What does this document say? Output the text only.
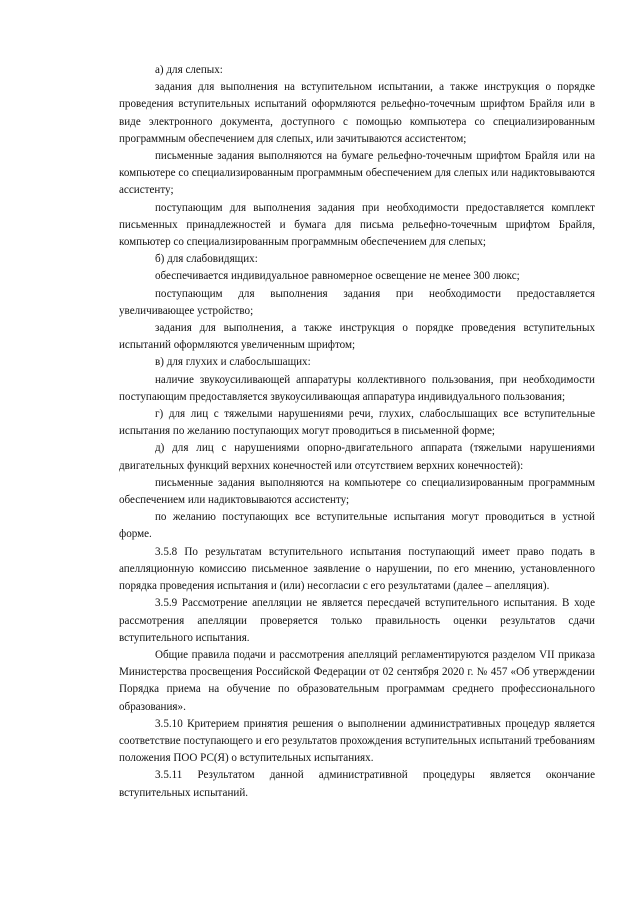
а) для слепых:

задания для выполнения на вступительном испытании, а также инструкция о порядке проведения вступительных испытаний оформляются рельефно-точечным шрифтом Брайля или в виде электронного документа, доступного с помощью компьютера со специализированным программным обеспечением для слепых, или зачитываются ассистентом;

письменные задания выполняются на бумаге рельефно-точечным шрифтом Брайля или на компьютере со специализированным программным обеспечением для слепых или надиктовываются ассистенту;

поступающим для выполнения задания при необходимости предоставляется комплект письменных принадлежностей и бумага для письма рельефно-точечным шрифтом Брайля, компьютер со специализированным программным обеспечением для слепых;

б) для слабовидящих:

обеспечивается индивидуальное равномерное освещение не менее 300 люкс;

поступающим для выполнения задания при необходимости предоставляется увеличивающее устройство;

задания для выполнения, а также инструкция о порядке проведения вступительных испытаний оформляются увеличенным шрифтом;

в) для глухих и слабослышащих:

наличие звукоусиливающей аппаратуры коллективного пользования, при необходимости поступающим предоставляется звукоусиливающая аппаратура индивидуального пользования;

г) для лиц с тяжелыми нарушениями речи, глухих, слабослышащих все вступительные испытания по желанию поступающих могут проводиться в письменной форме;

д) для лиц с нарушениями опорно-двигательного аппарата (тяжелыми нарушениями двигательных функций верхних конечностей или отсутствием верхних конечностей):

письменные задания выполняются на компьютере со специализированным программным обеспечением или надиктовываются ассистенту;

по желанию поступающих все вступительные испытания могут проводиться в устной форме.

3.5.8 По результатам вступительного испытания поступающий имеет право подать в апелляционную комиссию письменное заявление о нарушении, по его мнению, установленного порядка проведения испытания и (или) несогласии с его результатами (далее – апелляция).

3.5.9 Рассмотрение апелляции не является пересдачей вступительного испытания. В ходе рассмотрения апелляции проверяется только правильность оценки результатов сдачи вступительного испытания.

Общие правила подачи и рассмотрения апелляций регламентируются разделом VII приказа Министерства просвещения Российской Федерации от 02 сентября 2020 г. № 457 «Об утверждении Порядка приема на обучение по образовательным программам среднего профессионального образования».

3.5.10 Критерием принятия решения о выполнении административных процедур является соответствие поступающего и его результатов прохождения вступительных испытаний требованиям положения ПОО РС(Я) о вступительных испытаниях.

3.5.11 Результатом данной административной процедуры является окончание вступительных испытаний.
